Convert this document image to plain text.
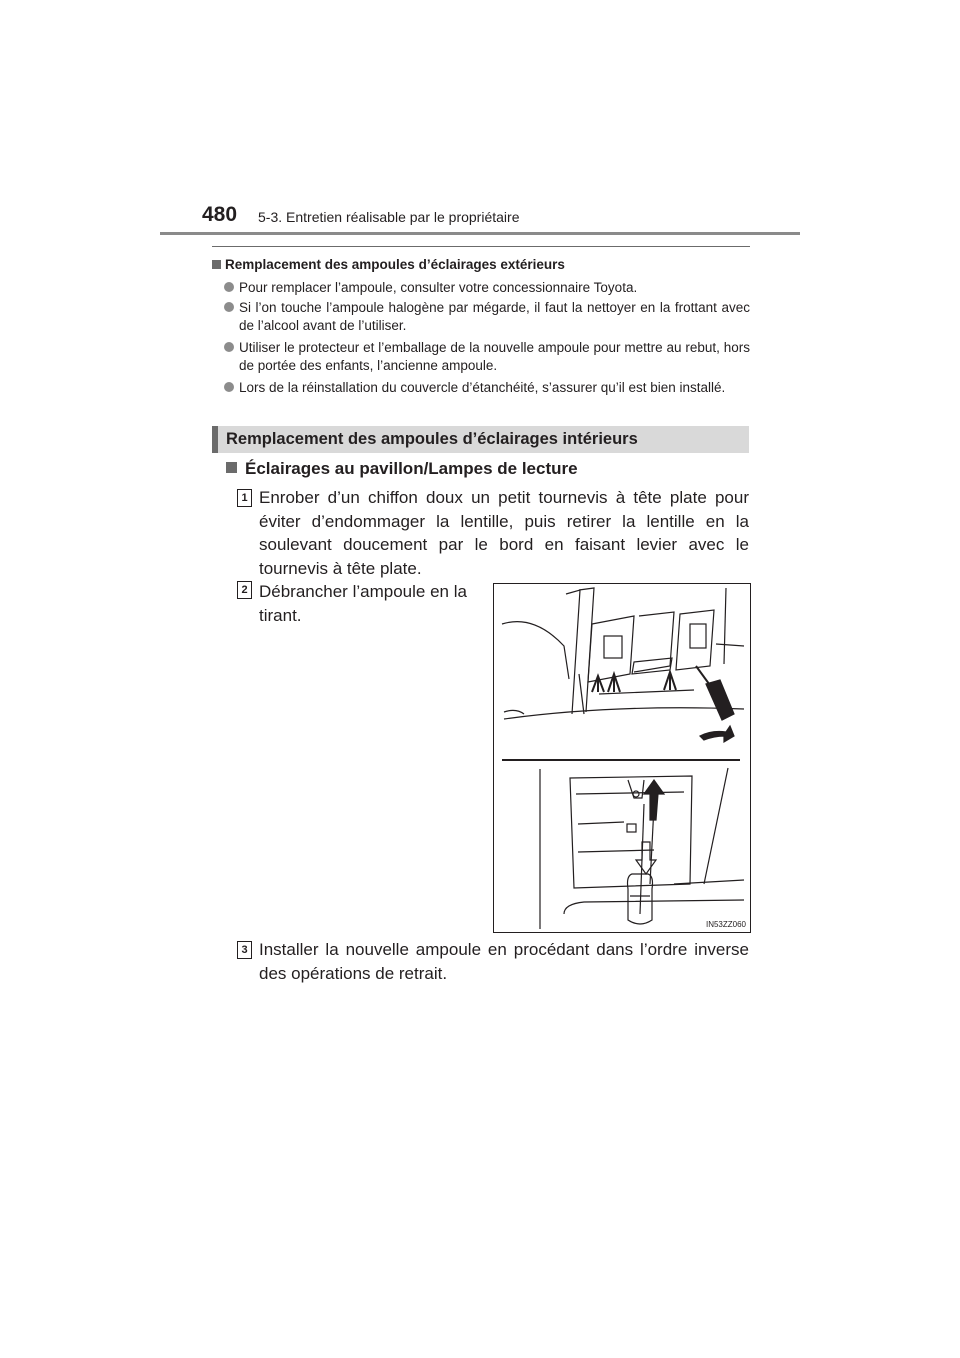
480 5-3. Entretien réalisable par le propriétaire
Remplacement des ampoules d’éclairages extérieurs
Pour remplacer l’ampoule, consulter votre concessionnaire Toyota.
Si l’on touche l’ampoule halogène par mégarde, il faut la nettoyer en la frottant avec de l’alcool avant de l’utiliser.
Utiliser le protecteur et l’emballage de la nouvelle ampoule pour mettre au rebut, hors de portée des enfants, l’ancienne ampoule.
Lors de la réinstallation du couvercle d’étanchéité, s’assurer qu’il est bien installé.
Remplacement des ampoules d’éclairages intérieurs
Éclairages au pavillon/Lampes de lecture
1 Enrober d’un chiffon doux un petit tournevis à tête plate pour éviter d’endommager la lentille, puis retirer la lentille en la soulevant doucement par le bord en faisant levier avec le tournevis à tête plate.
2 Débrancher l’ampoule en la tirant.
IN53ZZ060
3 Installer la nouvelle ampoule en procédant dans l’ordre inverse des opérations de retrait.
